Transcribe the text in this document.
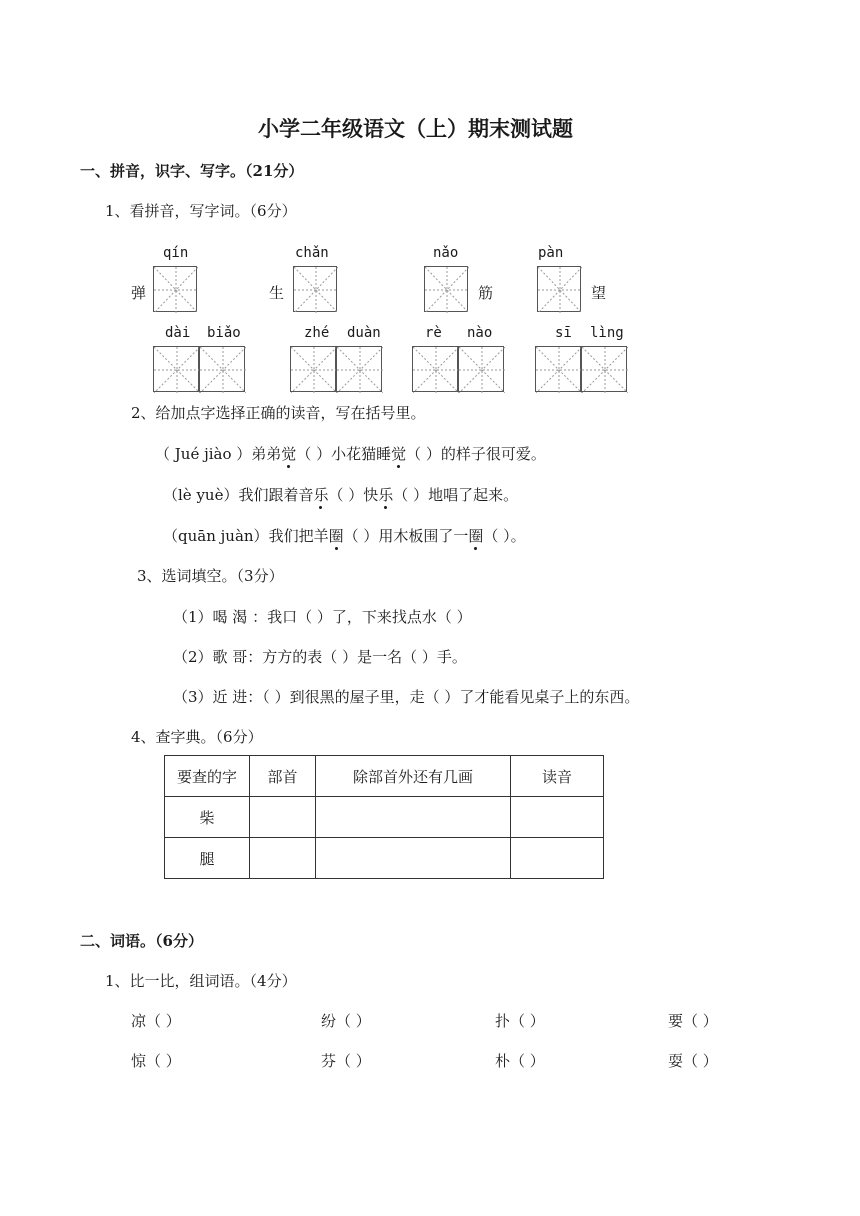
小学二年级语文（上）期末测试题
一、拼音，识字、写字。（21分）
1、看拼音，写字词。（6分）
qín	chǎn	nǎo	pàn
弹	生	筋	望
dài biǎo	zhé duàn	rè nào	sī lìng
2、给加点字选择正确的读音，写在括号里。
（ Jué jiào ）弟弟觉（ ）小花猫睡觉（ ）的样子很可爱。
（lè yuè）我们跟着音乐（ ）快乐（ ）地唱了起来。
（quān juàn）我们把羊圈（ ）用木板围了一圈（ ）。
3、选词填空。（3分）
（1）喝 渴 ：我口（ ）了，下来找点水（ ）
（2）歌 哥：方方的表（ ）是一名（ ）手。
（3）近 进：（ ）到很黑的屋子里，走（ ）了才能看见桌子上的东西。
4、查字典。（6分）
要查的字	部首	除部首外还有几画	读音
柴			
腿			
二、词语。（6分）
1、比一比，组词语。（4分）
凉（ ）	纷（ ）	扑（ ）	要（ ）
惊（ ）	芬（ ）	朴（ ）	耍（ ）
